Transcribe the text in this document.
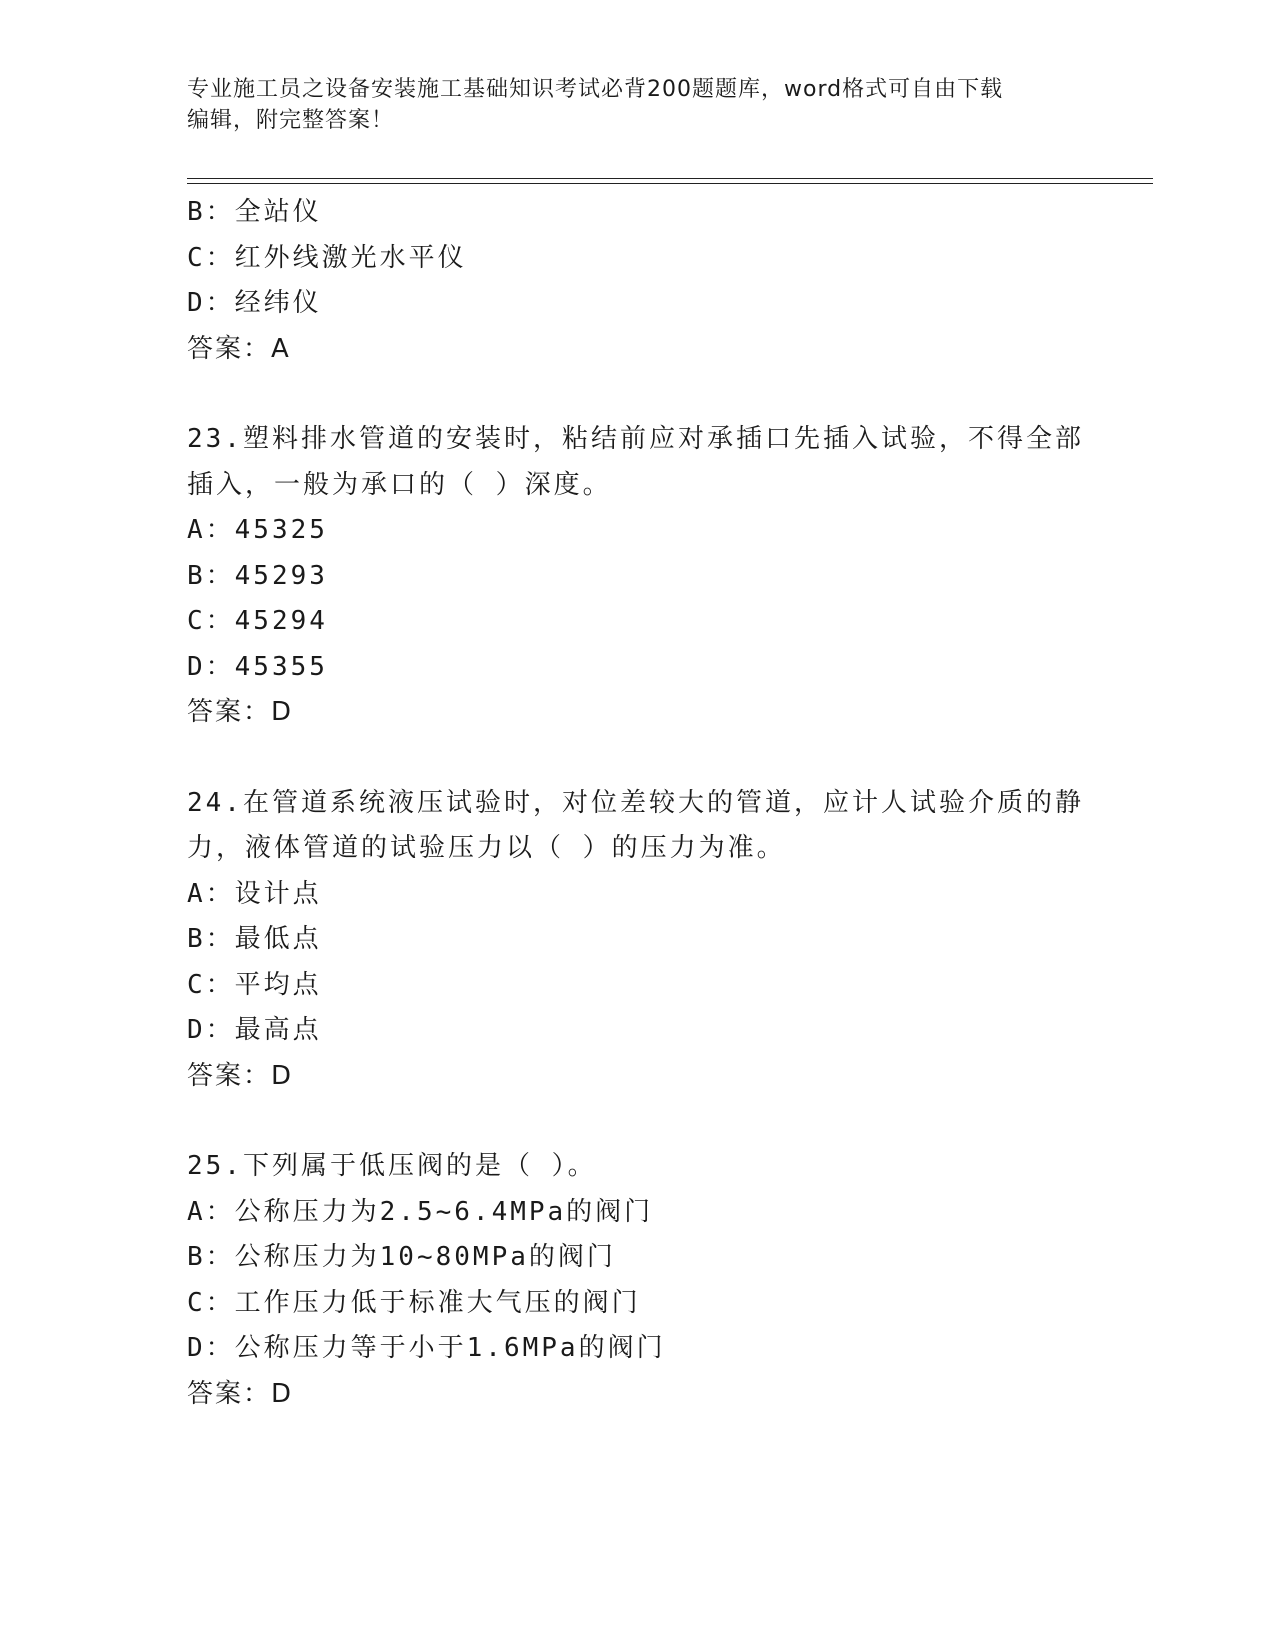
专业施工员之设备安装施工基础知识考试必背200题题库，word格式可自由下载
编辑，附完整答案！
B：全站仪
C：红外线激光水平仪
D：经纬仪
答案：A
23.塑料排水管道的安装时，粘结前应对承插口先插入试验，不得全部
插入，一般为承口的（ ）深度。
A：45325
B：45293
C：45294
D：45355
答案：D
24.在管道系统液压试验时，对位差较大的管道，应计人试验介质的静
力，液体管道的试验压力以（ ）的压力为准。
A：设计点
B：最低点
C：平均点
D：最高点
答案：D
25.下列属于低压阀的是（ ）。
A：公称压力为2.5~6.4MPa的阀门
B：公称压力为10~80MPa的阀门
C：工作压力低于标准大气压的阀门
D：公称压力等于小于1.6MPa的阀门
答案：D
